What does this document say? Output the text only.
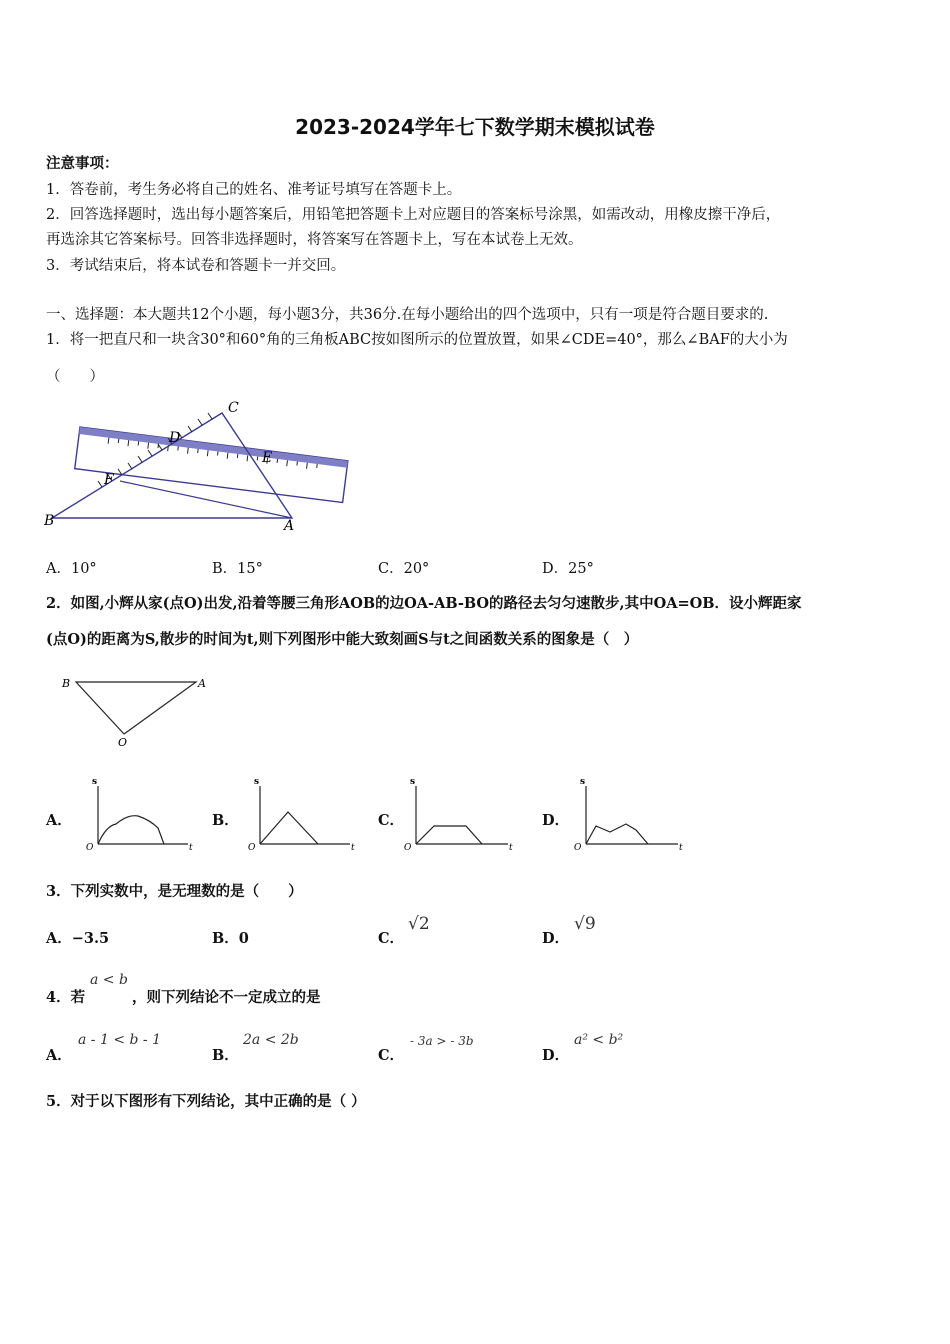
2023-2024学年七下数学期末模拟试卷
注意事项：
1．答卷前，考生务必将自己的姓名、准考证号填写在答题卡上。
2．回答选择题时，选出每小题答案后，用铅笔把答题卡上对应题目的答案标号涂黑，如需改动，用橡皮擦干净后，
再选涂其它答案标号。回答非选择题时，将答案写在答题卡上，写在本试卷上无效。
3．考试结束后，将本试卷和答题卡一并交回。
一、选择题：本大题共12个小题，每小题3分，共36分.在每小题给出的四个选项中，只有一项是符合题目要求的.
1．将一把直尺和一块含30°和60°角的三角板ABC按如图所示的位置放置，如果∠CDE=40°，那么∠BAF的大小为
（　　）
C
D
E
F
B	A
A．10°	B．15°	C．20°	D．25°
2．如图,小辉从家(点O)出发,沿着等腰三角形AOB的边OA-AB-BO的路径去匀匀速散步,其中OA=OB．设小辉距家
(点O)的距离为S,散步的时间为t,则下列图形中能大致刻画S与t之间函数关系的图象是（　）
B	A
O
A．	B．	C．	D．
s
O	t
s
O	t
s
O	t
s
O	t
3．下列实数中，是无理数的是（　　）
A．−3.5	B．0	C．
√2
D．
√9
4．若
a < b
，则下列结论不一定成立的是
A．
a - 1 < b - 1
B．
2a < 2b
C．
- 3a > - 3b
D．
a² < b²
5．对于以下图形有下列结论，其中正确的是（ ）
